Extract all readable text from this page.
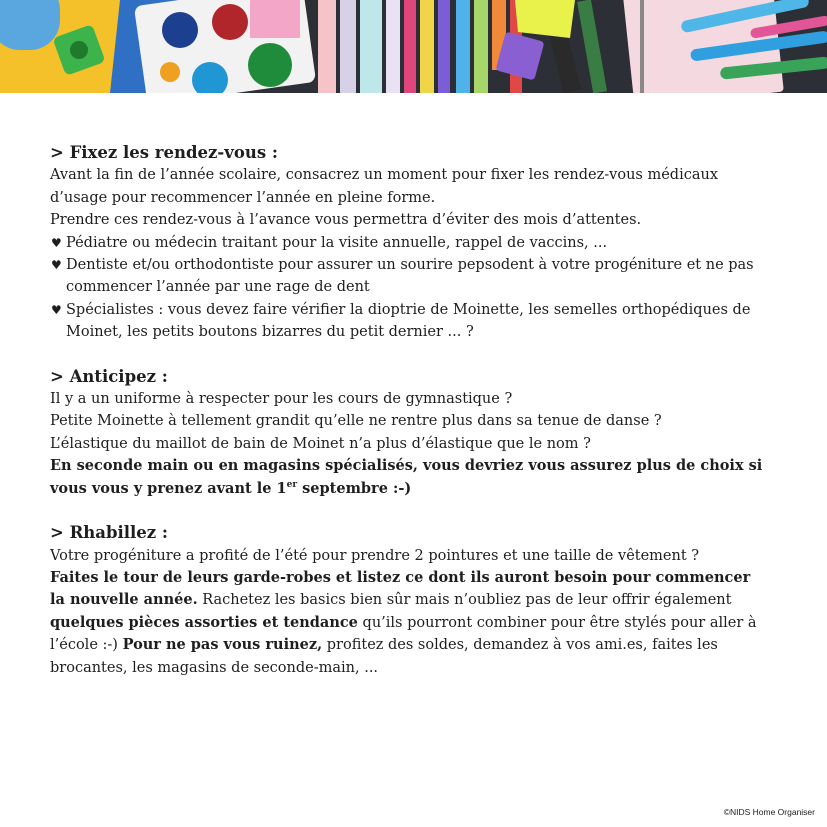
> Fixez les rendez-vous :

Avant la fin de l’année scolaire, consacrez un moment pour fixer les rendez-vous médicaux d’usage pour recommencer l’année en pleine forme.

Prendre ces rendez-vous à l’avance vous permettra d’éviter des mois d’attentes.

♥ Pédiatre ou médecin traitant pour la visite annuelle, rappel de vaccins, ...
♥ Dentiste et/ou orthodontiste pour assurer un sourire pepsodent à votre progéniture et ne pas commencer l’année par une rage de dent
♥ Spécialistes : vous devez faire vérifier la dioptrie de Moinette, les semelles orthopédiques de Moinet, les petits boutons bizarres du petit dernier ... ?
> Anticipez :

Il y a un uniforme à respecter pour les cours de gymnastique ?

Petite Moinette à tellement grandit qu’elle ne rentre plus dans sa tenue de danse ?

L’élastique du maillot de bain de Moinet n’a plus d’élastique que le nom ?

En seconde main ou en magasins spécialisés, vous devriez vous assurez plus de choix si vous vous y prenez avant le 1er septembre :-)

> Rhabillez :

Votre progéniture a profité de l’été pour prendre 2 pointures et une taille de vêtement ?

Faites le tour de leurs garde-robes et listez ce dont ils auront besoin pour commencer la nouvelle année. Rachetez les basics bien sûr mais n’oubliez pas de leur offrir également quelques pièces assorties et tendance qu’ils pourront combiner pour être stylés pour aller à l’école :-) Pour ne pas vous ruinez, profitez des soldes, demandez à vos ami.es, faites les brocantes, les magasins de seconde-main, ...

©NIDS Home Organiser
